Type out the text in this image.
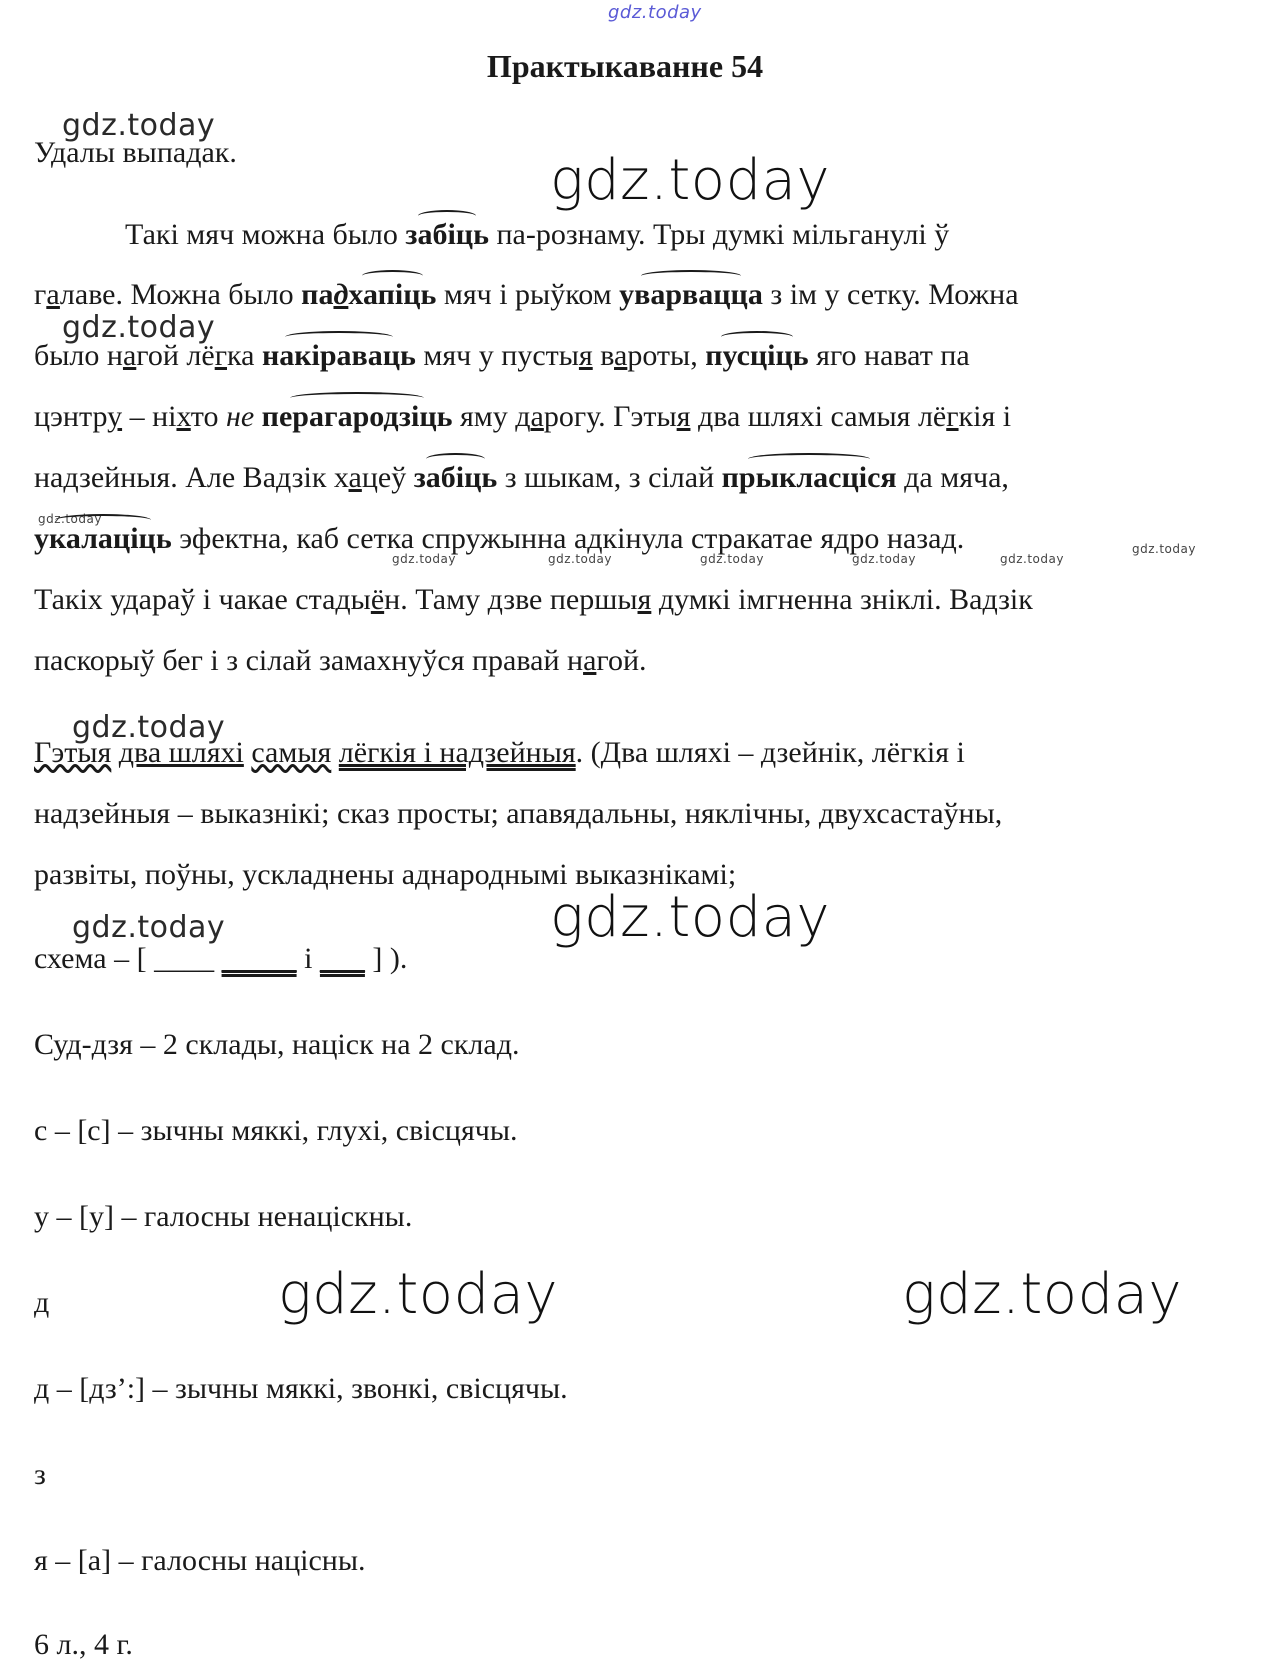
gdz.today
gdz.today
gdz.today
gdz.today
gdz.today
gdz.today	gdz.today	gdz.today	gdz.today	gdz.today
gdz.today
gdz.today
gdz.today	gdz.today
gdz.today	gdz.today
Практыкаванне 54
Удалы выпадак.
Такі мяч можна было забіць па-рознаму. Тры думкі мільганулі ў
галаве. Можна было падхапіць мяч і рыўком уварвацца з ім у сетку. Можна
было нагой лёгка накіраваць мяч у пустыя вароты, пусціць яго нават па
цэнтру – ніхто не перагародзіць яму дарогу. Гэтыя два шляхі самыя лёгкія і
надзейныя. Але Вадзік хацеў забіць з шыкам, з сілай прыкласціся да мяча,
укалаціць эфектна, каб сетка спружынна адкінула стракатае ядро назад.
Такіх удараў і чакае стадыён. Таму дзве першыя думкі імгненна зніклі. Вадзік
паскорыў бег і з сілай замахнуўся правай нагой.
Гэтыя два шляхі самыя лёгкія і надзейныя. (Два шляхі – дзейнік, лёгкія і
надзейныя – выказнікі; сказ просты; апавядальны, няклічны, двухсастаўны,
развіты, поўны, ускладнены аднароднымі выказнікамі;
схема – [ ____ _____ і ___ ] ).
Суд-дзя – 2 склады, націск на 2 склад.
с – [с] – зычны мяккі, глухі, свісцячы.
у – [у] – галосны ненаціскны.
д
д – [дз’:] – зычны мяккі, звонкі, свісцячы.
з
я – [а] – галосны націсны.
6 л., 4 г.
